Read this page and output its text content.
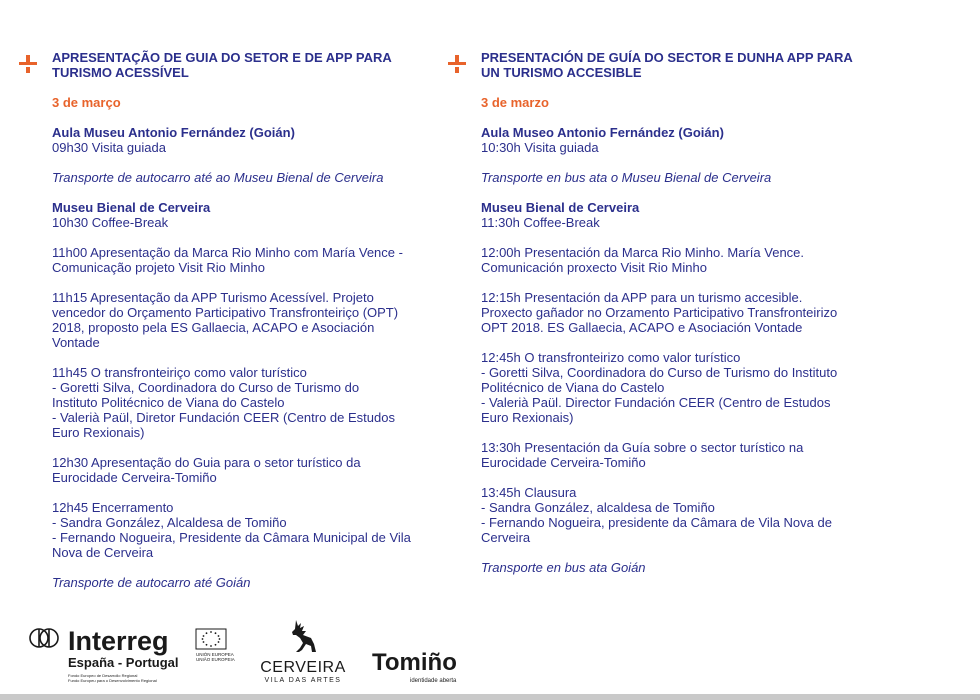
APRESENTAÇÃO DE GUIA DO SETOR E DE APP PARA
TURISMO ACESSÍVEL
3 de março
Aula Museu Antonio Fernández (Goián)
09h30 Visita guiada
Transporte de autocarro até ao Museu Bienal de Cerveira
Museu Bienal de Cerveira
10h30 Coffee-Break
11h00 Apresentação da Marca Rio Minho com María Vence -
Comunicação projeto Visit Rio Minho
11h15 Apresentação da APP Turismo Acessível. Projeto
vencedor do Orçamento Participativo Transfronteiriço (OPT)
2018, proposto pela ES Gallaecia, ACAPO e Asociación
Vontade
11h45 O transfronteiriço como valor turístico
- Goretti Silva, Coordinadora do Curso de Turismo do
Instituto Politécnico de Viana do Castelo
- Valerià Paül, Diretor Fundación CEER (Centro de Estudos
Euro Rexionais)
12h30 Apresentação do Guia para o setor turístico da
Eurocidade Cerveira-Tomiño
12h45 Encerramento
- Sandra González, Alcaldesa de Tomiño
- Fernando Nogueira, Presidente da Câmara Municipal de Vila
Nova de Cerveira
Transporte de autocarro até Goián
PRESENTACIÓN DE GUÍA DO SECTOR E DUNHA APP PARA
UN TURISMO ACCESIBLE
3 de marzo
Aula Museo Antonio Fernández (Goián)
10:30h Visita guiada
Transporte en bus ata o Museu Bienal de Cerveira
Museu Bienal de Cerveira
11:30h Coffee-Break
12:00h Presentación da Marca Rio Minho. María Vence.
Comunicación proxecto Visit Rio Minho
12:15h Presentación da APP para un turismo accesible.
Proxecto gañador no Orzamento Participativo Transfronteirizo
OPT 2018. ES Gallaecia, ACAPO e Asociación Vontade
12:45h O transfronteirizo como valor turístico
- Goretti Silva, Coordinadora do Curso de Turismo do Instituto
Politécnico de Viana do Castelo
- Valerià Paül. Director Fundación CEER (Centro de Estudos
Euro Rexionais)
13:30h Presentación da Guía sobre o sector turístico na
Eurocidade Cerveira-Tomiño
13:45h Clausura
- Sandra González, alcaldesa de Tomiño
- Fernando Nogueira, presidente da Câmara de Vila Nova de
Cerveira
Transporte en bus ata Goián
Interreg
España - Portugal
Fondo Europeo de Desarrollo Regional
Fundo Europeu para o Desenvolvimento Regional
UNIÓN EUROPEA
UNIÃO EUROPEIA CERVEIRA
VILA DAS ARTES
Tomiño
identidade aberta
